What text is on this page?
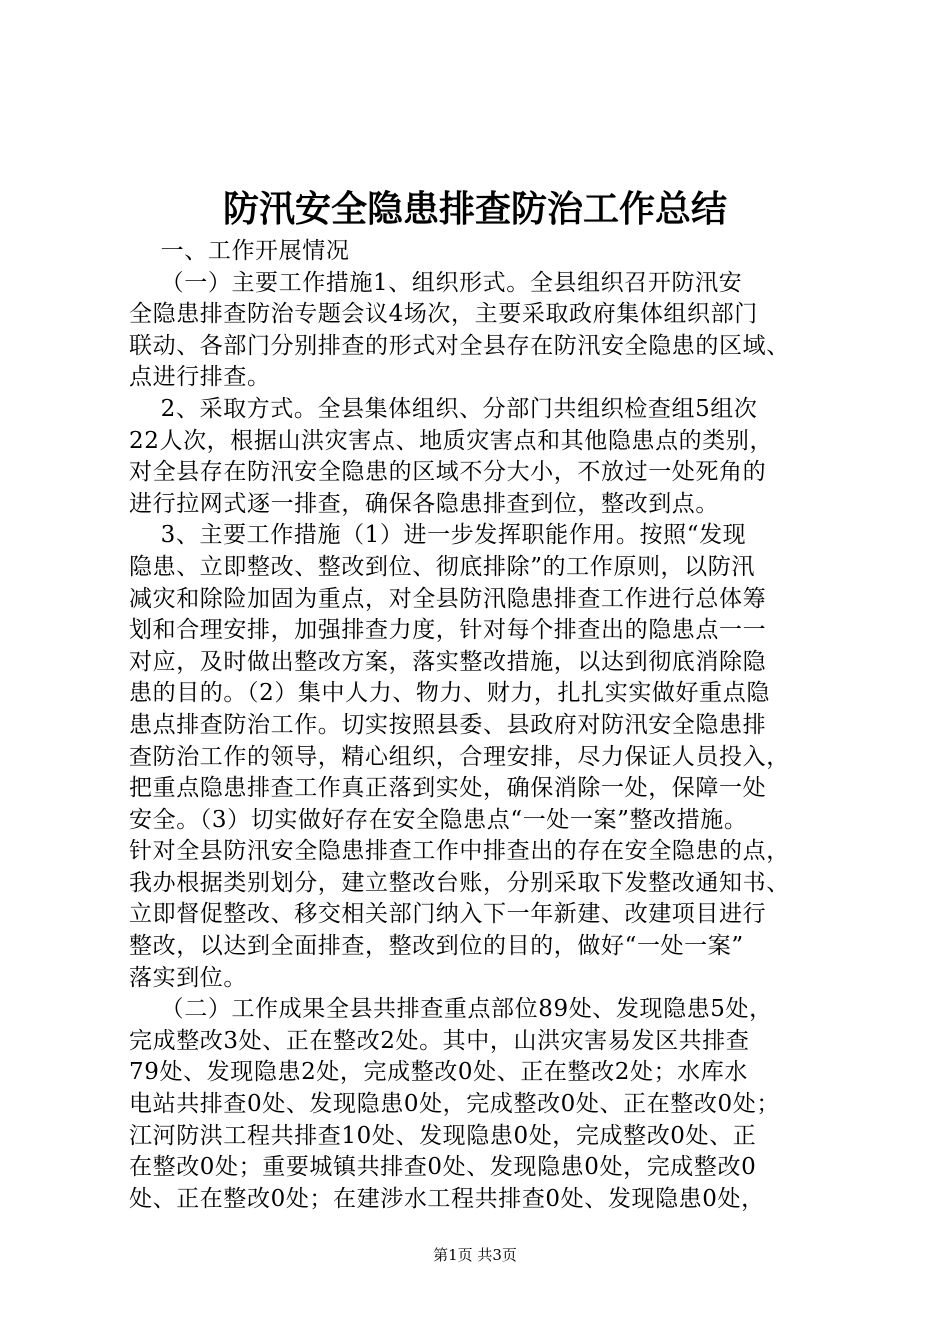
防汛安全隐患排查防治工作总结
一、工作开展情况
（一）主要工作措施1、组织形式。全县组织召开防汛安
全隐患排查防治专题会议4场次，主要采取政府集体组织部门
联动、各部门分别排查的形式对全县存在防汛安全隐患的区域、
点进行排查。
2、采取方式。全县集体组织、分部门共组织检查组5组次
22人次，根据山洪灾害点、地质灾害点和其他隐患点的类别，
对全县存在防汛安全隐患的区域不分大小，不放过一处死角的
进行拉网式逐一排查，确保各隐患排查到位，整改到点。
3、主要工作措施（1）进一步发挥职能作用。按照“发现
隐患、立即整改、整改到位、彻底排除”的工作原则，以防汛
减灾和除险加固为重点，对全县防汛隐患排查工作进行总体筹
划和合理安排，加强排查力度，针对每个排查出的隐患点一一
对应，及时做出整改方案，落实整改措施，以达到彻底消除隐
患的目的。（2）集中人力、物力、财力，扎扎实实做好重点隐
患点排查防治工作。切实按照县委、县政府对防汛安全隐患排
查防治工作的领导，精心组织，合理安排，尽力保证人员投入，
把重点隐患排查工作真正落到实处，确保消除一处，保障一处
安全。（3）切实做好存在安全隐患点“一处一案”整改措施。
针对全县防汛安全隐患排查工作中排查出的存在安全隐患的点，
我办根据类别划分，建立整改台账，分别采取下发整改通知书、
立即督促整改、移交相关部门纳入下一年新建、改建项目进行
整改，以达到全面排查，整改到位的目的，做好“一处一案”
落实到位。
（二）工作成果全县共排查重点部位89处、发现隐患5处，
完成整改3处、正在整改2处。其中，山洪灾害易发区共排查
79处、发现隐患2处，完成整改0处、正在整改2处；水库水
电站共排查0处、发现隐患0处，完成整改0处、正在整改0处；
江河防洪工程共排查10处、发现隐患0处，完成整改0处、正
在整改0处；重要城镇共排查0处、发现隐患0处，完成整改0
处、正在整改0处；在建涉水工程共排查0处、发现隐患0处，
第1页 共3页
